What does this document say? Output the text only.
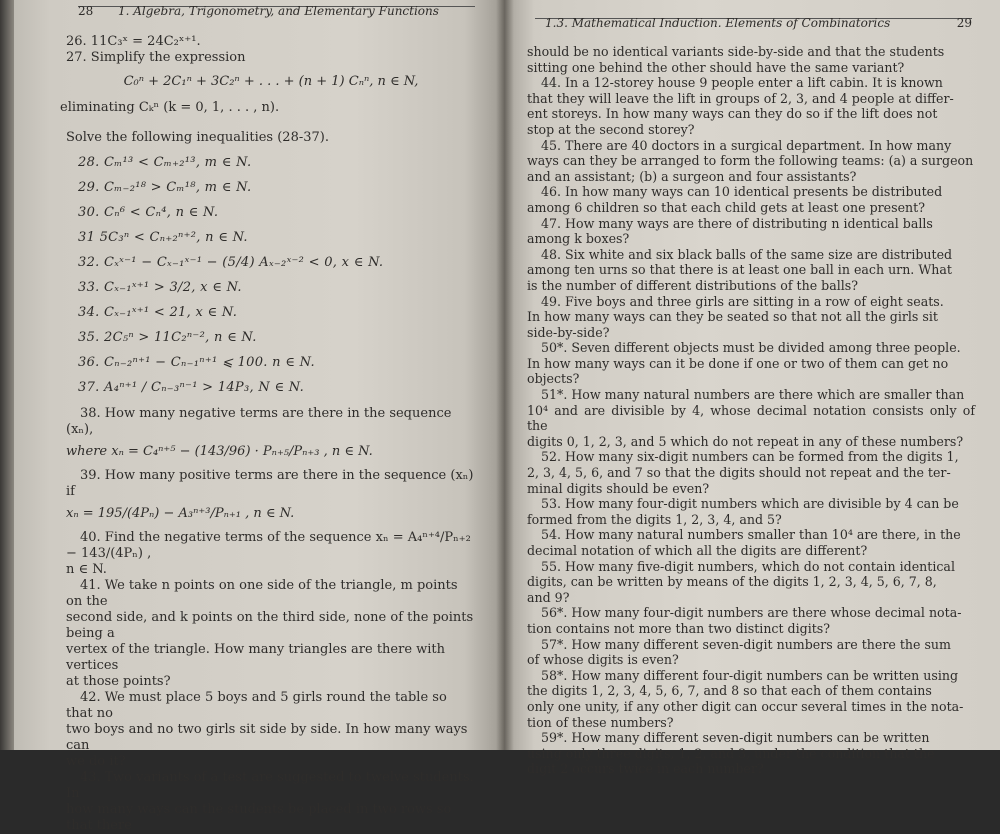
28 1. Algebra, Trigonometry, and Elementary Functions

26. 11C₃ˣ = 24C₂ˣ⁺¹.

27. Simplify the expression

C₀ⁿ + 2C₁ⁿ + 3C₂ⁿ + . . . + (n + 1) Cₙⁿ, n ∈ N,

eliminating Cₖⁿ (k = 0, 1, . . . , n).

Solve the following inequalities (28-37).

28. Cₘ¹³ < Cₘ₊₂¹³, m ∈ N.

29. Cₘ₋₂¹⁸ > Cₘ¹⁸, m ∈ N.

30. Cₙ⁶ < Cₙ⁴, n ∈ N.

31 5C₃ⁿ < Cₙ₊₂ⁿ⁺², n ∈ N.

32. Cₓˣ⁻¹ − Cₓ₋₁ˣ⁻¹ − (5/4) Aₓ₋₂ˣ⁻² < 0, x ∈ N.

33. Cₓ₋₁ˣ⁺¹ > 3/2, x ∈ N.

34. Cₓ₋₁ˣ⁺¹ < 21, x ∈ N.

35. 2C₅ⁿ > 11C₂ⁿ⁻², n ∈ N.

36. Cₙ₋₂ⁿ⁺¹ − Cₙ₋₁ⁿ⁺¹ ⩽ 100. n ∈ N.

37. A₄ⁿ⁺¹ / Cₙ₋₃ⁿ⁻¹ > 14P₃, N ∈ N.

38. How many negative terms are there in the sequence (xₙ),

where xₙ = C₄ⁿ⁺⁵ − (143/96) · Pₙ₊₅/Pₙ₊₃ , n ∈ N.

39. How many positive terms are there in the sequence (xₙ) if

xₙ = 195/(4Pₙ) − A₃ⁿ⁺³/Pₙ₊₁ , n ∈ N.

40. Find the negative terms of the sequence xₙ = A₄ⁿ⁺⁴/Pₙ₊₂ − 143/(4Pₙ) ,

n ∈ N.

41. We take n points on one side of the triangle, m points on the

second side, and k points on the third side, none of the points being a

vertex of the triangle. How many triangles are there with vertices

at those points?

42. We must place 5 boys and 5 girls round the table so that no

two boys and no two girls sit side by side. In how many ways can

we do it?

43. Two variants of a test are suggested to twelve students. In

how many ways can the students be placed in two rows so that there

1.3. Mathematical Induction. Elements of Combinatorics	29

should be no identical variants side-by-side and that the students

sitting one behind the other should have the same variant?

44. In a 12-storey house 9 people enter a lift cabin. It is known

that they will leave the lift in groups of 2, 3, and 4 people at differ-

ent storeys. In how many ways can they do so if the lift does not

stop at the second storey?

45. There are 40 doctors in a surgical department. In how many

ways can they be arranged to form the following teams: (a) a surgeon

and an assistant; (b) a surgeon and four assistants?

46. In how many ways can 10 identical presents be distributed

among 6 children so that each child gets at least one present?

47. How many ways are there of distributing n identical balls

among k boxes?

48. Six white and six black balls of the same size are distributed

among ten urns so that there is at least one ball in each urn. What

is the number of different distributions of the balls?

49. Five boys and three girls are sitting in a row of eight seats.

In how many ways can they be seated so that not all the girls sit

side-by-side?

50*. Seven different objects must be divided among three people.

In how many ways can it be done if one or two of them can get no

objects?

51*. How many natural numbers are there which are smaller than

10⁴ and are divisible by 4, whose decimal notation consists only of the

digits 0, 1, 2, 3, and 5 which do not repeat in any of these numbers?

52. How many six-digit numbers can be formed from the digits 1,

2, 3, 4, 5, 6, and 7 so that the digits should not repeat and the ter-

minal digits should be even?

53. How many four-digit numbers which are divisible by 4 can be

formed from the digits 1, 2, 3, 4, and 5?

54. How many natural numbers smaller than 10⁴ are there, in the

decimal notation of which all the digits are different?

55. How many five-digit numbers, which do not contain identical

digits, can be written by means of the digits 1, 2, 3, 4, 5, 6, 7, 8,

and 9?

56*. How many four-digit numbers are there whose decimal nota-

tion contains not more than two distinct digits?

57*. How many different seven-digit numbers are there the sum

of whose digits is even?

58*. How many different four-digit numbers can be written using

the digits 1, 2, 3, 4, 5, 6, 7, and 8 so that each of them contains

only one unity, if any other digit can occur several times in the nota-

tion of these numbers?

59*. How many different seven-digit numbers can be written

using only three digits, 1, 2, and 3, under the condition that the

digit 2 occurs twice in each number?
